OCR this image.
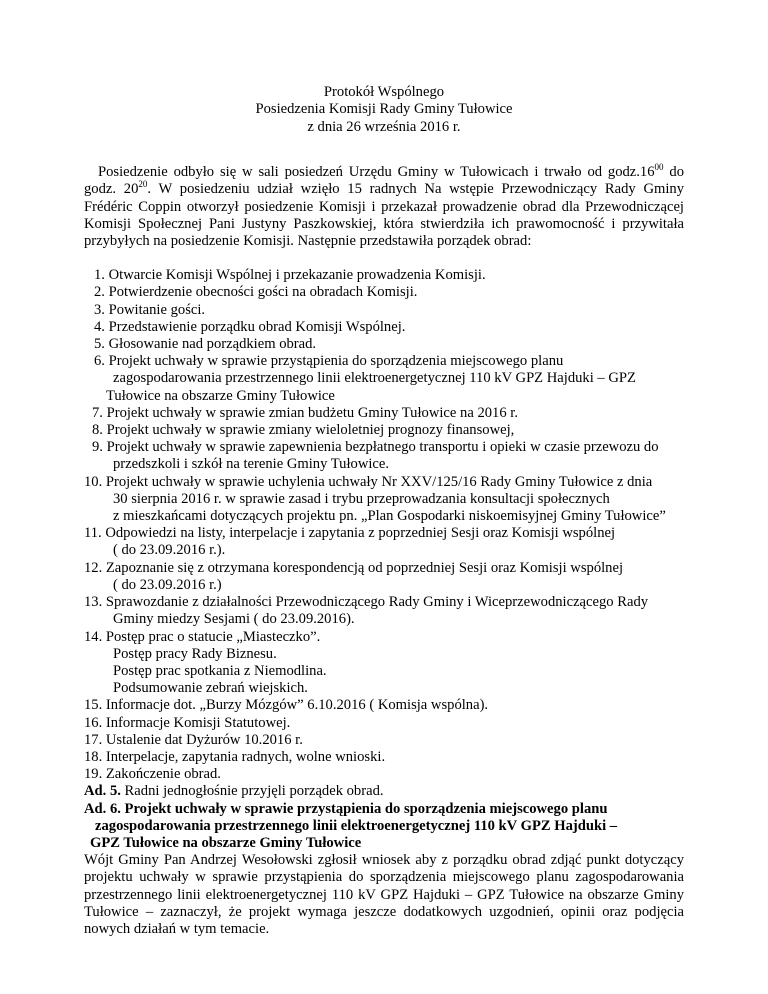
Protokół Wspólnego
Posiedzenia Komisji Rady Gminy Tułowice
z dnia 26 września 2016 r.

Posiedzenie odbyło się w sali posiedzeń Urzędu Gminy w Tułowicach i trwało od $godz.16^{00}$ do godz. $20^{20}$. W posiedzeniu udział wzięło 15 radnych Na wstępie Przewodniczący Rady Gminy Frédéric Coppin otworzył posiedzenie Komisji i przekazał prowadzenie obrad dla Przewodniczącej Komisji Społecznej Pani Justyny Paszkowskiej, która stwierdziła ich prawomocność i przywitała przybyłych na posiedzenie Komisji. Następnie przedstawiła porządek obrad:

1. Otwarcie Komisji Wspólnej i przekazanie prowadzenia Komisji.
2. Potwierdzenie obecności gości na obradach Komisji.
3. Powitanie gości.
4. Przedstawienie porządku obrad Komisji Wspólnej.
5. Głosowanie nad porządkiem obrad.
6. Projekt uchwały w sprawie przystąpienia do sporządzenia miejscowego planu
zagospodarowania przestrzennego linii elektroenergetycznej 110 kV GPZ Hajduki – GPZ
Tułowice na obszarze Gminy Tułowice
7. Projekt uchwały w sprawie zmian budżetu Gminy Tułowice na 2016 r.
8. Projekt uchwały w sprawie zmiany wieloletniej prognozy finansowej,
9. Projekt uchwały w sprawie zapewnienia bezpłatnego transportu i opieki w czasie przewozu do
przedszkoli i szkół na terenie Gminy Tułowice.
10. Projekt uchwały w sprawie uchylenia uchwały Nr XXV/125/16 Rady Gminy Tułowice z dnia
30 sierpnia 2016 r. w sprawie zasad i trybu przeprowadzania konsultacji społecznych
z mieszkańcami dotyczących projektu pn. „Plan Gospodarki niskoemisyjnej Gminy Tułowice”
11. Odpowiedzi na listy, interpelacje i zapytania z poprzedniej Sesji oraz Komisji wspólnej
( do 23.09.2016 r.).
12. Zapoznanie się z otrzymana korespondencją od poprzedniej Sesji oraz Komisji wspólnej
( do 23.09.2016 r.)
13. Sprawozdanie z działalności Przewodniczącego Rady Gminy i Wiceprzewodniczącego Rady
Gminy miedzy Sesjami ( do 23.09.2016).
14. Postęp prac o statucie „Miasteczko”.
Postęp pracy Rady Biznesu.
Postęp prac spotkania z Niemodlina.
Podsumowanie zebrań wiejskich.
15. Informacje dot. „Burzy Mózgów” 6.10.2016 ( Komisja wspólna).
16. Informacje Komisji Statutowej.
17. Ustalenie dat Dyżurów 10.2016 r.
18. Interpelacje, zapytania radnych, wolne wnioski.
19. Zakończenie obrad.
Ad. 5. Radni jednogłośnie przyjęli porządek obrad.
Ad. 6. Projekt uchwały w sprawie przystąpienia do sporządzenia miejscowego planu
zagospodarowania przestrzennego linii elektroenergetycznej 110 kV GPZ Hajduki –
GPZ Tułowice na obszarze Gminy Tułowice

Wójt Gminy Pan Andrzej Wesołowski zgłosił wniosek aby z porządku obrad zdjąć punkt dotyczący projektu uchwały w sprawie przystąpienia do sporządzenia miejscowego planu zagospodarowania przestrzennego linii elektroenergetycznej 110 kV GPZ Hajduki – GPZ Tułowice na obszarze Gminy Tułowice – zaznaczył, że projekt wymaga jeszcze dodatkowych uzgodnień, opinii oraz podjęcia nowych działań w tym temacie.
